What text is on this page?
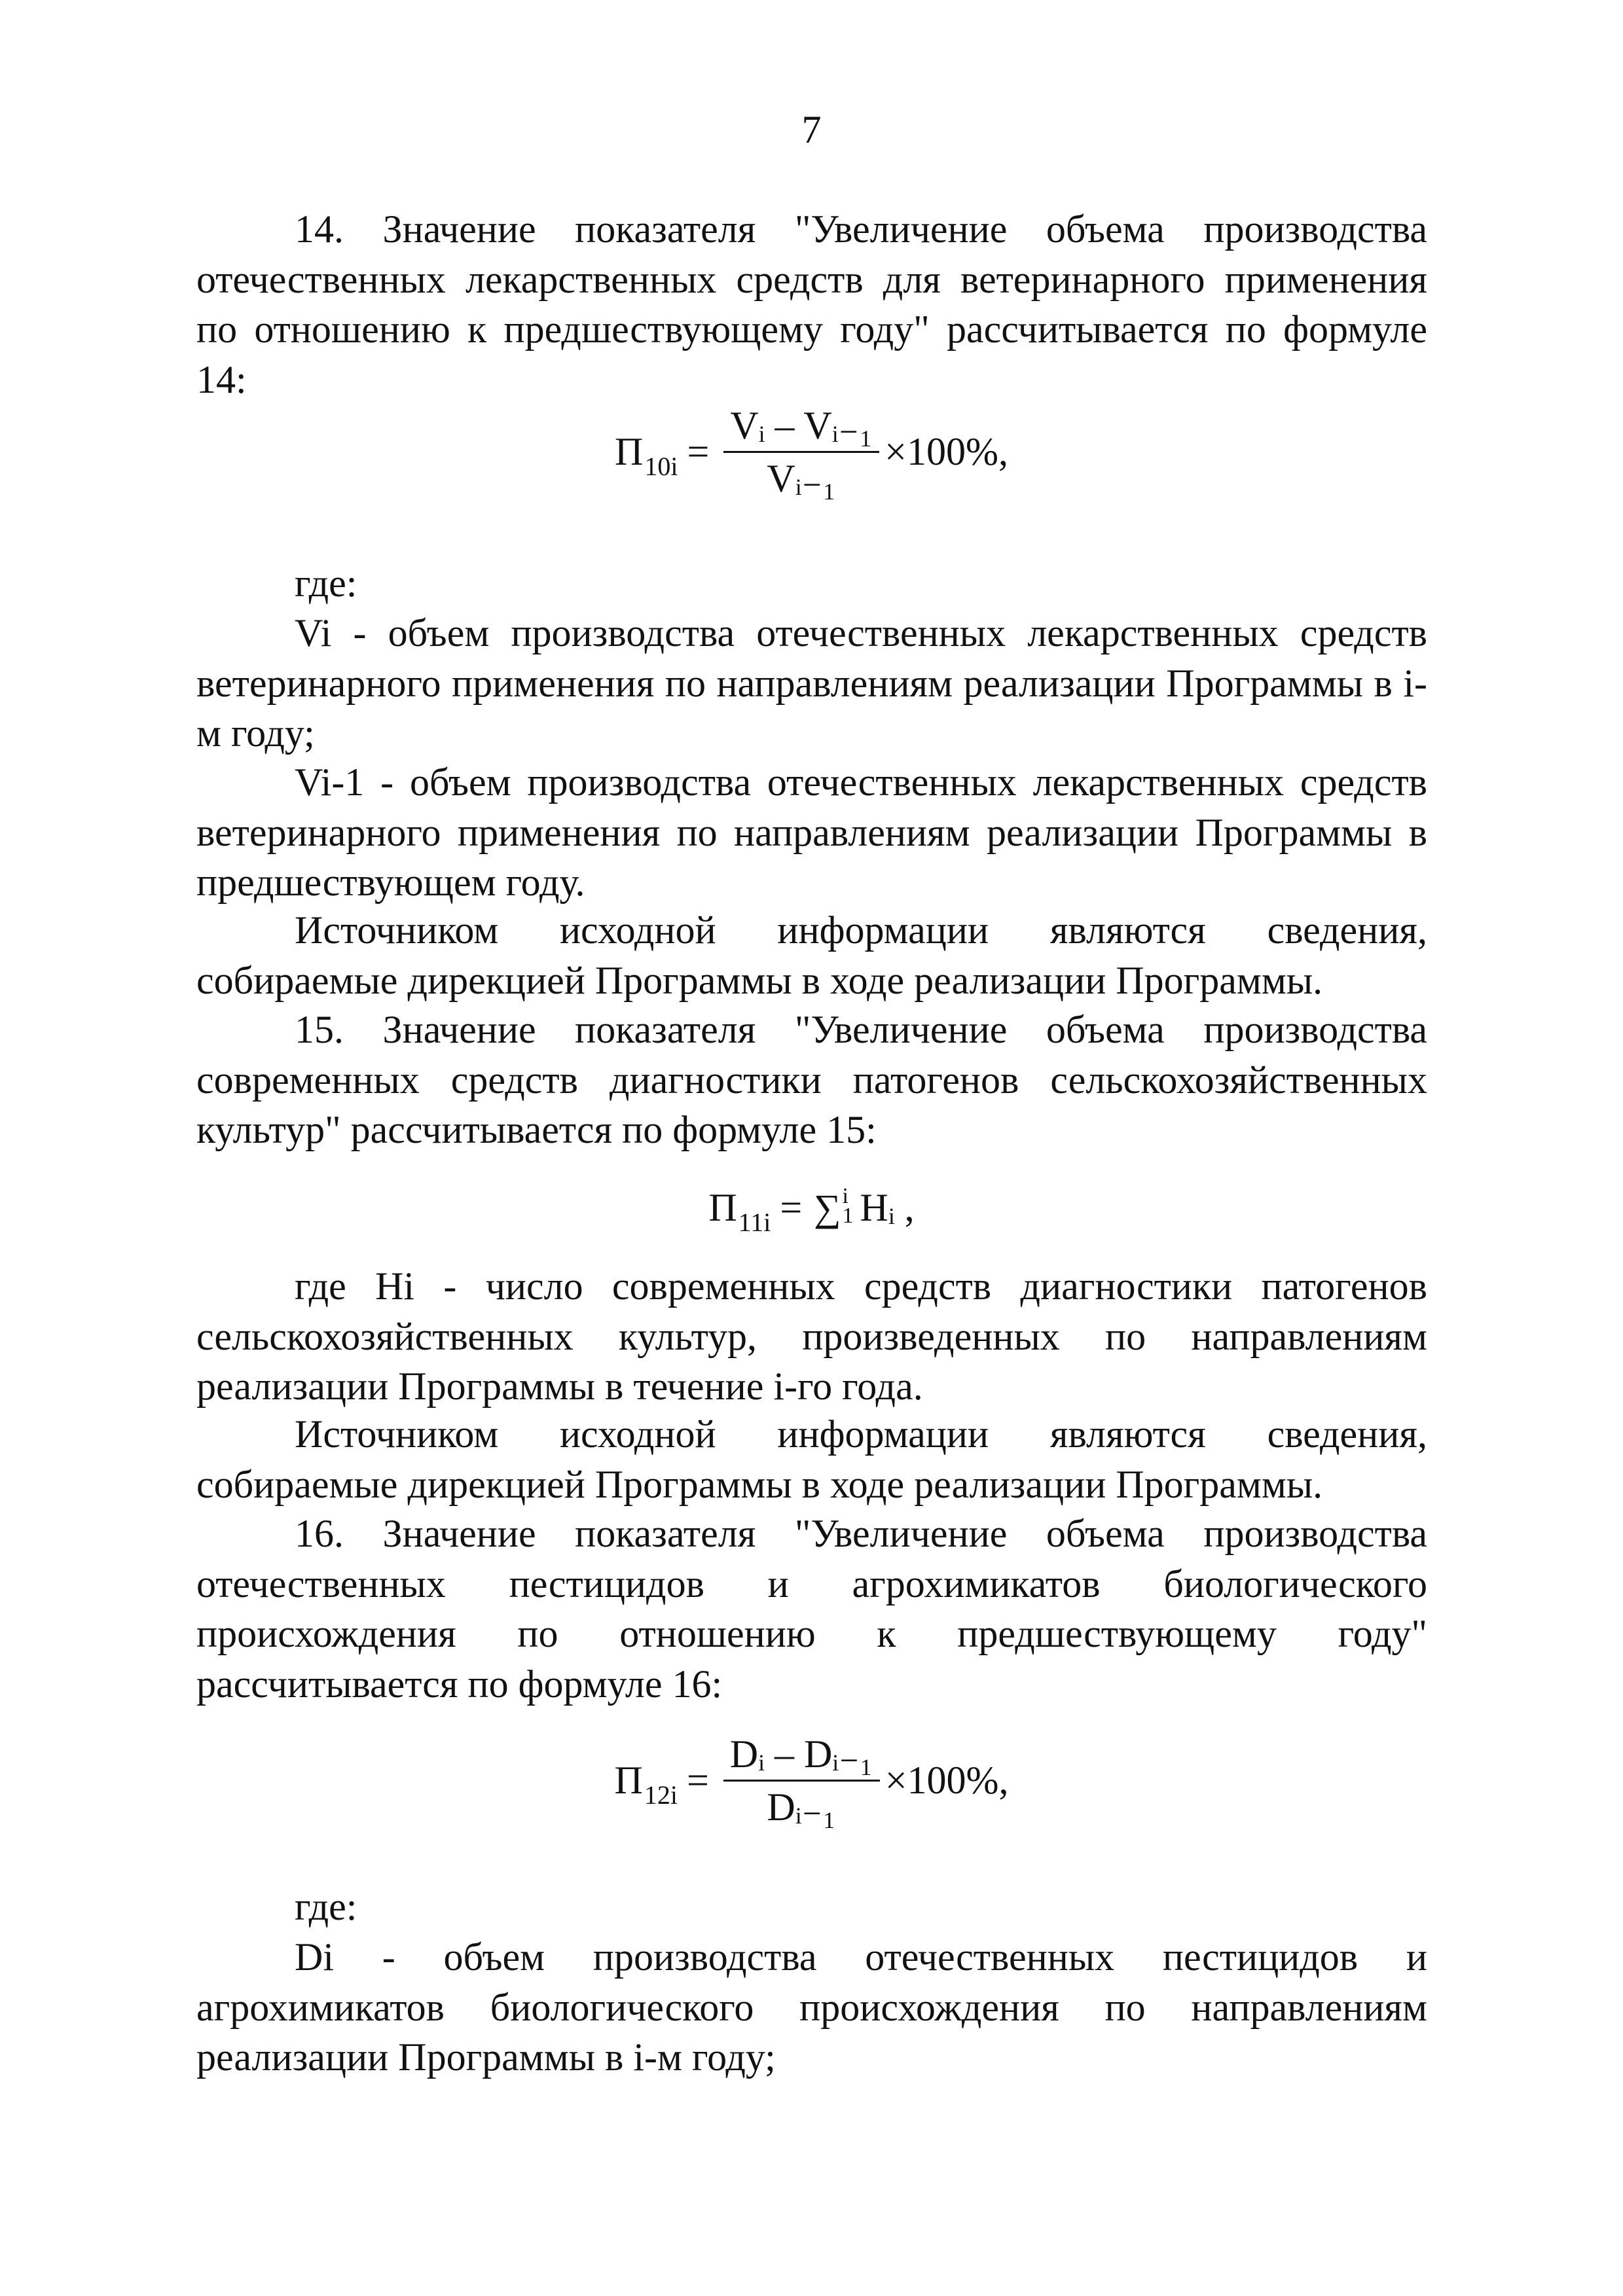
7

14. Значение показателя "Увеличение объема производства отечественных лекарственных средств для ветеринарного применения по отношению к предшествующему году" рассчитывается по формуле 14:

П $10i = \frac{\text{Vᵢ – Vᵢ₋₁}}{\text{Vᵢ₋₁}} \times 100\%$,

где:

Vi - объем производства отечественных лекарственных средств ветеринарного применения по направлениям реализации Программы в i-м году;

Vi-1 - объем производства отечественных лекарственных средств ветеринарного применения по направлениям реализации Программы в предшествующем году.

Источником исходной информации являются сведения, собираемые дирекцией Программы в ходе реализации Программы.

15. Значение показателя "Увеличение объема производства современных средств диагностики патогенов сельскохозяйственных культур" рассчитывается по формуле 15:

П 11i = ∑ i
1 Hᵢ ,

где Hi - число современных средств диагностики патогенов сельскохозяйственных культур, произведенных по направлениям реализации Программы в течение i-го года.

Источником исходной информации являются сведения, собираемые дирекцией Программы в ходе реализации Программы.

16. Значение показателя "Увеличение объема производства отечественных пестицидов и агрохимикатов биологического происхождения по отношению к предшествующему году" рассчитывается по формуле 16:

П $12i = \frac{\text{Dᵢ – Dᵢ₋₁}}{\text{Dᵢ₋₁}} \times 100\%$,

где:

Di - объем производства отечественных пестицидов и агрохимикатов биологического происхождения по направлениям реализации Программы в i-м году;
